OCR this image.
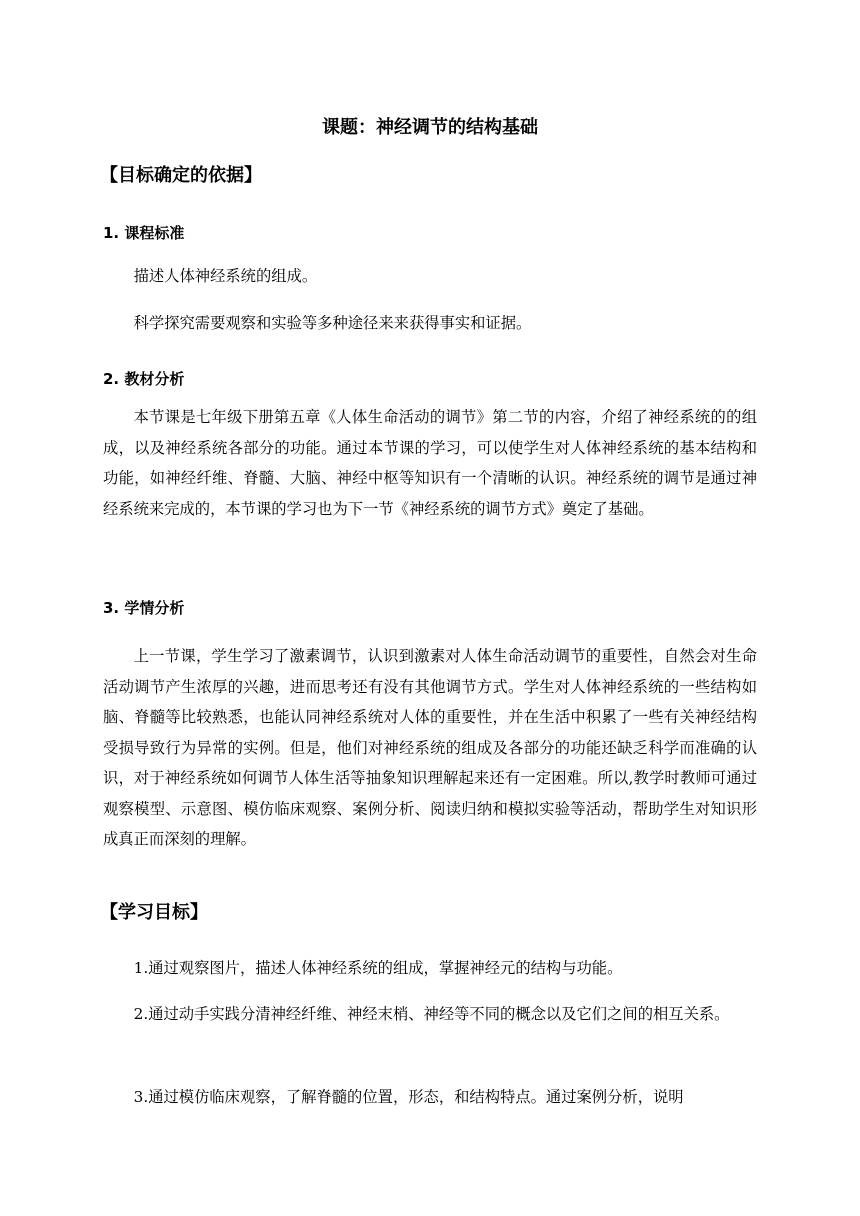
课题：神经调节的结构基础
【目标确定的依据】
1. 课程标准

描述人体神经系统的组成。

科学探究需要观察和实验等多种途径来来获得事实和证据。

2. 教材分析

本节课是七年级下册第五章《人体生命活动的调节》第二节的内容，介绍了神经系统的的组成，以及神经系统各部分的功能。通过本节课的学习，可以使学生对人体神经系统的基本结构和功能，如神经纤维、脊髓、大脑、神经中枢等知识有一个清晰的认识。神经系统的调节是通过神经系统来完成的，本节课的学习也为下一节《神经系统的调节方式》奠定了基础。

3. 学情分析

上一节课，学生学习了激素调节，认识到激素对人体生命活动调节的重要性，自然会对生命活动调节产生浓厚的兴趣，进而思考还有没有其他调节方式。学生对人体神经系统的一些结构如脑、脊髓等比较熟悉，也能认同神经系统对人体的重要性，并在生活中积累了一些有关神经结构受损导致行为异常的实例。但是，他们对神经系统的组成及各部分的功能还缺乏科学而准确的认识，对于神经系统如何调节人体生活等抽象知识理解起来还有一定困难。所以,教学时教师可通过观察模型、示意图、模仿临床观察、案例分析、阅读归纳和模拟实验等活动，帮助学生对知识形成真正而深刻的理解。

【学习目标】

1.通过观察图片，描述人体神经系统的组成，掌握神经元的结构与功能。

2.通过动手实践分清神经纤维、神经末梢、神经等不同的概念以及它们之间的相互关系。

3.通过模仿临床观察，了解脊髓的位置，形态，和结构特点。通过案例分析，说明
